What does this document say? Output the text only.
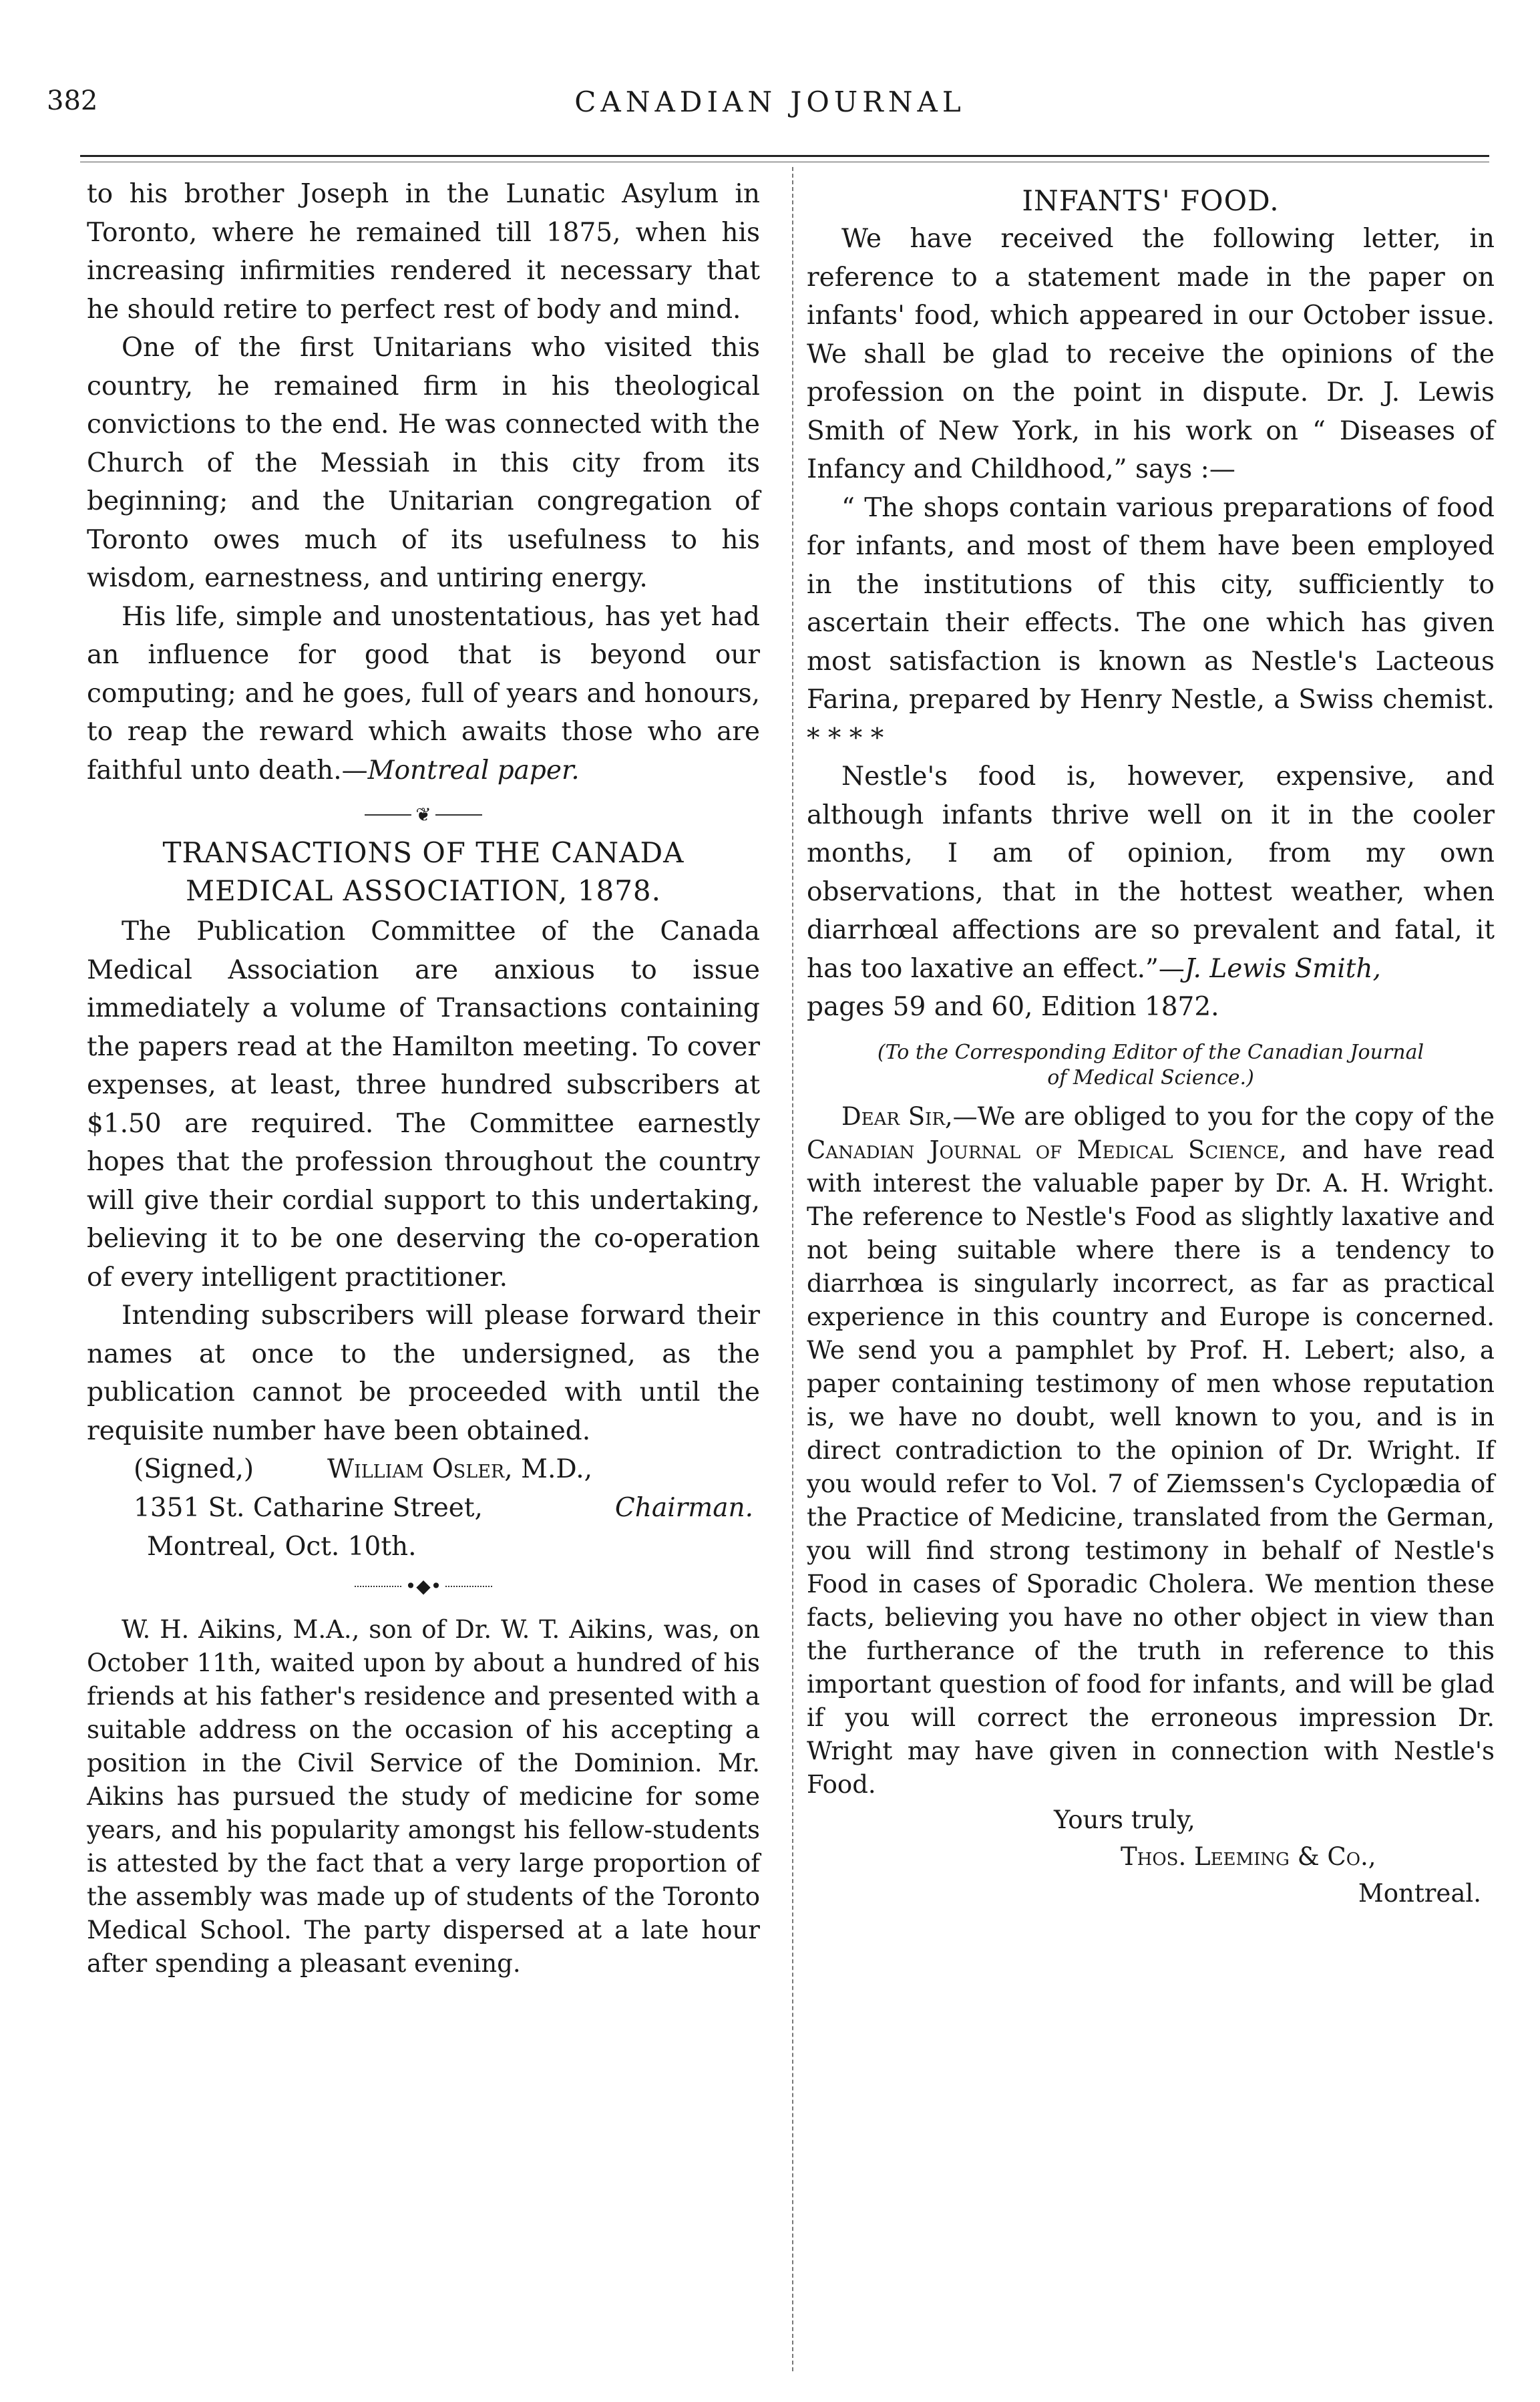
382	CANADIAN JOURNAL

to his brother Joseph in the Lunatic Asylum in Toronto, where he remained till 1875, when his increasing infirmities rendered it necessary that he should retire to perfect rest of body and mind.

One of the first Unitarians who visited this country, he remained firm in his theological convictions to the end. He was connected with the Church of the Messiah in this city from its beginning; and the Unitarian congregation of Toronto owes much of its usefulness to his wisdom, earnestness, and untiring energy.

His life, simple and unostentatious, has yet had an influence for good that is beyond our computing; and he goes, full of years and honours, to reap the reward which awaits those who are faithful unto death.—Montreal paper.

❦
TRANSACTIONS OF THE CANADA
MEDICAL ASSOCIATION, 1878.

The Publication Committee of the Canada Medical Association are anxious to issue immediately a volume of Transactions containing the papers read at the Hamilton meeting. To cover expenses, at least, three hundred subscribers at $1.50 are required. The Committee earnestly hopes that the profession throughout the country will give their cordial support to this undertaking, believing it to be one deserving the co-operation of every intelligent practitioner.

Intending subscribers will please forward their names at once to the undersigned, as the publication cannot be proceeded with until the requisite number have been obtained.

(Signed,)	William Osler, M.D.,
1351 St. Catharine Street,	Chairman.
Montreal, Oct. 10th.
•◆•

W. H. Aikins, M.A., son of Dr. W. T. Aikins, was, on October 11th, waited upon by about a hundred of his friends at his father's residence and presented with a suitable address on the occasion of his accepting a position in the Civil Service of the Dominion. Mr. Aikins has pursued the study of medicine for some years, and his popularity amongst his fellow-students is attested by the fact that a very large proportion of the assembly was made up of students of the Toronto Medical School. The party dispersed at a late hour after spending a pleasant evening.

INFANTS' FOOD.

We have received the following letter, in reference to a statement made in the paper on infants' food, which appeared in our October issue. We shall be glad to receive the opinions of the profession on the point in dispute. Dr. J. Lewis Smith of New York, in his work on “ Diseases of Infancy and Childhood,” says :—

“ The shops contain various preparations of food for infants, and most of them have been employed in the institutions of this city, sufficiently to ascertain their effects. The one which has given most satisfaction is known as Nestle's Lacteous Farina, prepared by Henry Nestle, a Swiss chemist. * * * *

Nestle's food is, however, expensive, and although infants thrive well on it in the cooler months, I am of opinion, from my own observations, that in the hottest weather, when diarrhœal affections are so prevalent and fatal, it has too laxative an effect.”—J. Lewis Smith,
pages 59 and 60, Edition 1872.

(To the Corresponding Editor of the Canadian Journal
of Medical Science.)

Dear Sir,—We are obliged to you for the copy of the Canadian Journal of Medical Science, and have read with interest the valuable paper by Dr. A. H. Wright. The reference to Nestle's Food as slightly laxative and not being suitable where there is a tendency to diarrhœa is singularly incorrect, as far as practical experience in this country and Europe is concerned. We send you a pamphlet by Prof. H. Lebert; also, a paper containing testimony of men whose reputation is, we have no doubt, well known to you, and is in direct contradiction to the opinion of Dr. Wright. If you would refer to Vol. 7 of Ziemssen's Cyclopædia of the Practice of Medicine, translated from the German, you will find strong testimony in behalf of Nestle's Food in cases of Sporadic Cholera. We mention these facts, believing you have no other object in view than the furtherance of the truth in reference to this important question of food for infants, and will be glad if you will correct the erroneous impression Dr. Wright may have given in connection with Nestle's Food.

Yours truly,
Thos. Leeming & Co.,
Montreal.
